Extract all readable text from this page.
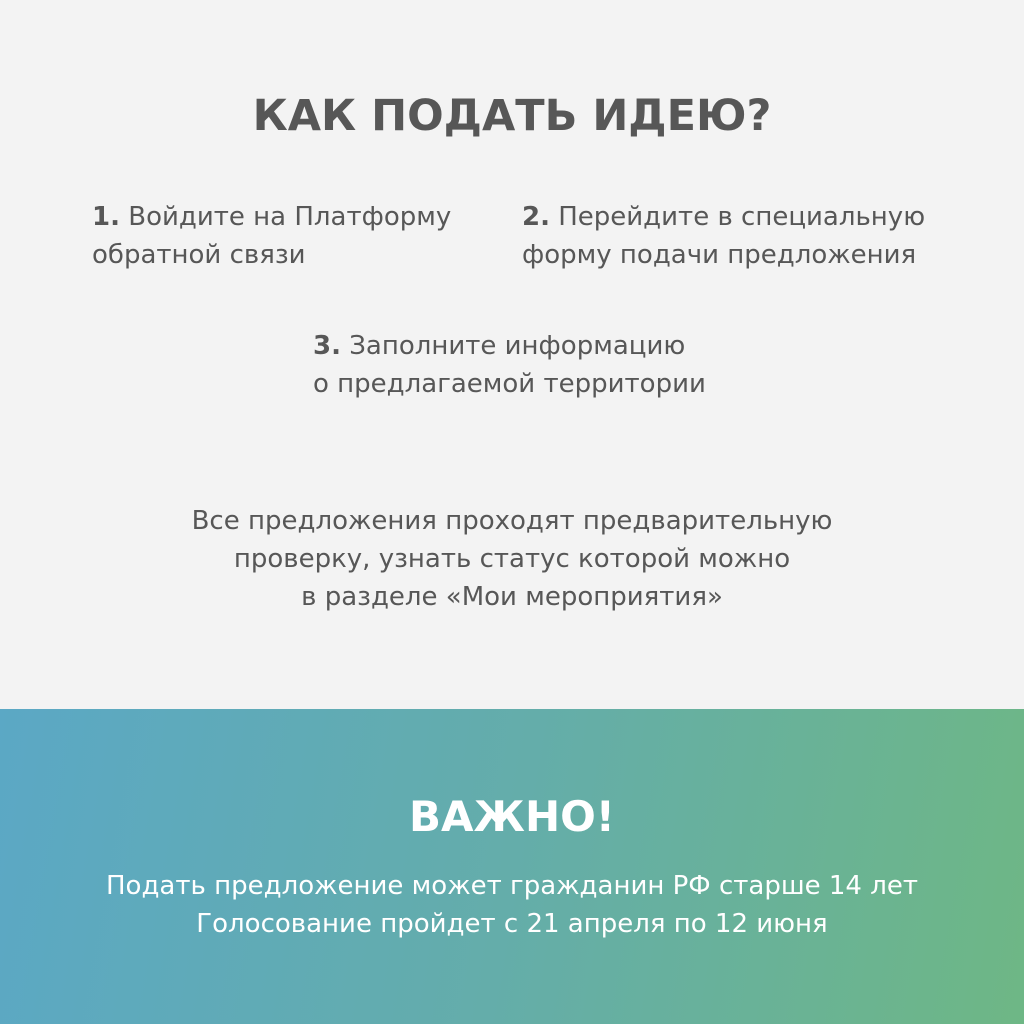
КАК ПОДАТЬ ИДЕЮ?
1. Войдите на Платформу
обратной связи
2. Перейдите в специальную
форму подачи предложения
3. Заполните информацию
о предлагаемой территории
Все предложения проходят предварительную
проверку, узнать статус которой можно
в разделе «Мои мероприятия»
ВАЖНО!
Подать предложение может гражданин РФ старше 14 лет
Голосование пройдет с 21 апреля по 12 июня
